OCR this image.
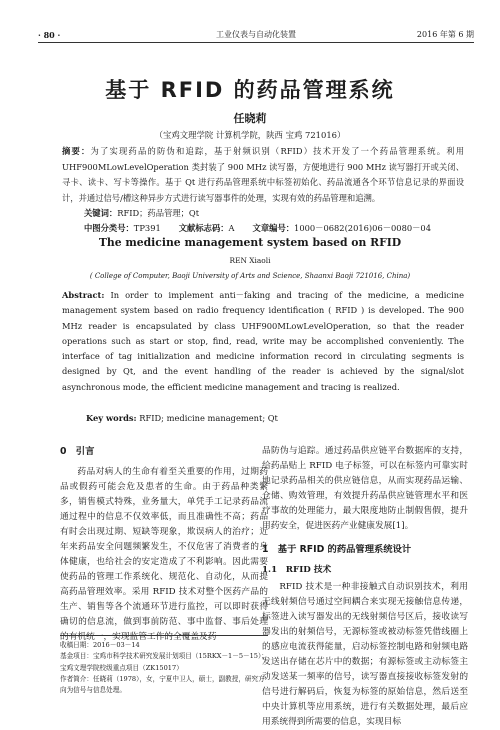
· 80 ·	工业仪表与自动化装置	2016 年第 6 期
基于 RFID 的药品管理系统
任晓莉
（宝鸡文理学院 计算机学院，陕西 宝鸡 721016）
摘要：为了实现药品的防伪和追踪，基于射频识别（RFID）技术开发了一个药品管理系统。利用 UHF900MLowLevelOperation 类封装了 900 MHz 读写器，方便地进行 900 MHz 读写器打开或关闭、寻卡、读卡、写卡等操作。基于 Qt 进行药品管理系统中标签初始化、药品流通各个环节信息记录的界面设计，并通过信号/槽这种异步方式进行读写器事件的处理，实现有效的药品管理和追溯。
关键词：RFID；药品管理；Qt
中图分类号：TP391 文献标志码：A 文章编号：1000－0682(2016)06－0080－04
The medicine management system based on RFID
REN Xiaoli
( College of Computer, Baoji University of Arts and Science, Shaanxi Baoji 721016, China)
Abstract: In order to implement anti－faking and tracing of the medicine, a medicine management system based on radio frequency identification ( RFID ) is developed. The 900 MHz reader is encapsulated by class UHF900MLowLevelOperation, so that the reader operations such as start or stop, find, read, write may be accomplished conveniently. The interface of tag initialization and medicine information record in circulating segments is designed by Qt, and the event handling of the reader is achieved by the signal/slot asynchronous mode, the efficient medicine management and tracing is realized.
Key words: RFID; medicine management; Qt
0　引言

药品对病人的生命有着至关重要的作用，过期药品或假药可能会危及患者的生命。由于药品种类繁多，销售模式特殊，业务量大，单凭手工记录药品流通过程中的信息不仅效率低，而且准确性不高；药品有时会出现过期、短缺等现象，欺误病人的治疗；近年来药品安全问题频繁发生，不仅危害了消费者的身体健康，也给社会的安定造成了不利影响。因此需要使药品的管理工作系统化、规范化、自动化，从而提高药品管理效率。采用 RFID 技术对整个医药产品的生产、销售等各个流通环节进行监控，可以即时获得确切的信息流，做到事前防范、事中监督、事后处理的有机统一，实现监管工作的全覆盖及药

品防伪与追踪。通过药品供应链平台数据库的支持，给药品贴上 RFID 电子标签，可以在标签内可靠实时地记录药品相关的供应链信息，从而实现药品运输、仓储、购效管理，有效提升药品供应链管理水平和医疗事故的处理能力，最大限度地防止制假售假，提升用药安全，促进医药产业健康发展[1]。

1　基于 RFID 的药品管理系统设计
1.1　RFID 技术

RFID 技术是一种非接触式自动识别技术，利用无线射频信号通过空间耦合来实现无接触信息传递，标签进入读写器发出的无线射频信号区后，接收读写器发出的射频信号，无源标签或被动标签凭借线圈上的感应电流获得能量，启动标签控制电路和射频电路发送出存储在芯片中的数据；有源标签或主动标签主动发送某一频率的信号，读写器直接接收标签发射的信号进行解码后，恢复为标签的原始信息，然后送至中央计算机等应用系统，进行有关数据处理，最后应用系统得到所需要的信息，实现目标

收稿日期：2016－03－14

基金项目：宝鸡市科学技术研究发展计划项目（15RKX－1－5－15）；宝鸡文理学院校级重点项目（ZK15017）

作者简介：任晓莉（1978），女，宁夏中卫人，硕士，副教授，研究方向为信号与信息处理。
